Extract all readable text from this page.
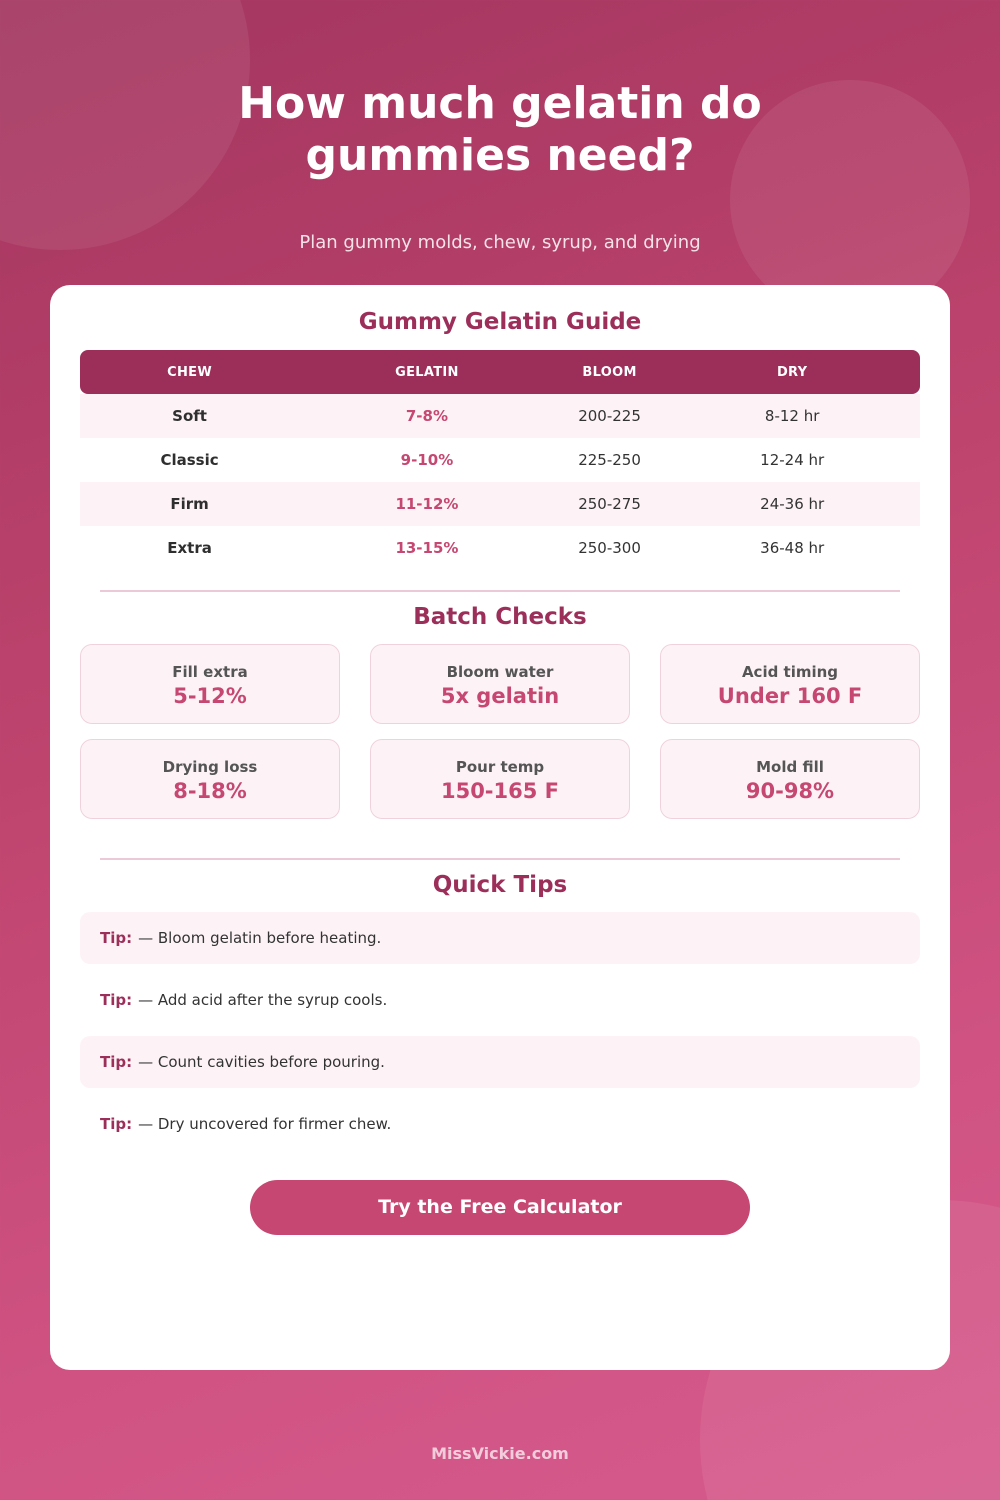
How much gelatin do
gummies need?
Plan gummy molds, chew, syrup, and drying
Gummy Gelatin Guide
CHEW	GELATIN	BLOOM	DRY
Soft	7-8%	200-225	8-12 hr
Classic	9-10%	225-250	12-24 hr
Firm	11-12%	250-275	24-36 hr
Extra	13-15%	250-300	36-48 hr
Batch Checks
Fill extra
5-12%
Bloom water
5x gelatin
Acid timing
Under 160 F
Drying loss
8-18%
Pour temp
150-165 F
Mold fill
90-98%
Quick Tips
Tip: — Bloom gelatin before heating.
Tip: — Add acid after the syrup cools.
Tip: — Count cavities before pouring.
Tip: — Dry uncovered for firmer chew.
Try the Free Calculator
MissVickie.com
